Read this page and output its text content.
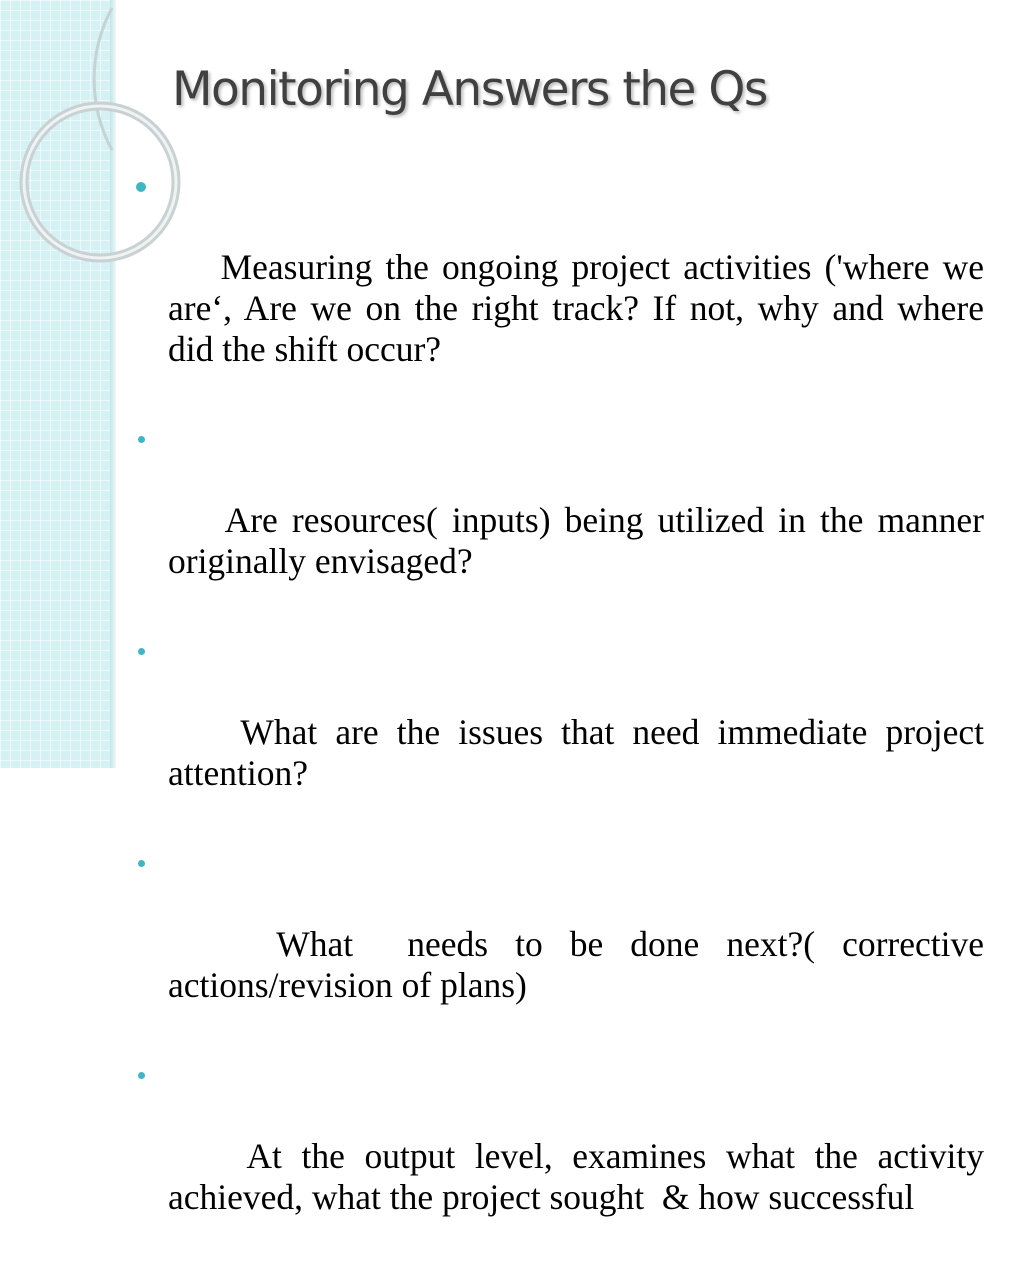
Monitoring Answers the Qs

Measuring the ongoing project activities ('where we are‘, Are we on the right track? If not, why and where did the shift occur?

Are resources( inputs) being utilized in the manner originally envisaged?

What are the issues that need immediate project attention?

What  needs to be done next?( corrective actions/revision of plans)

At the output level, examines what the activity achieved, what the project sought  & how successful
